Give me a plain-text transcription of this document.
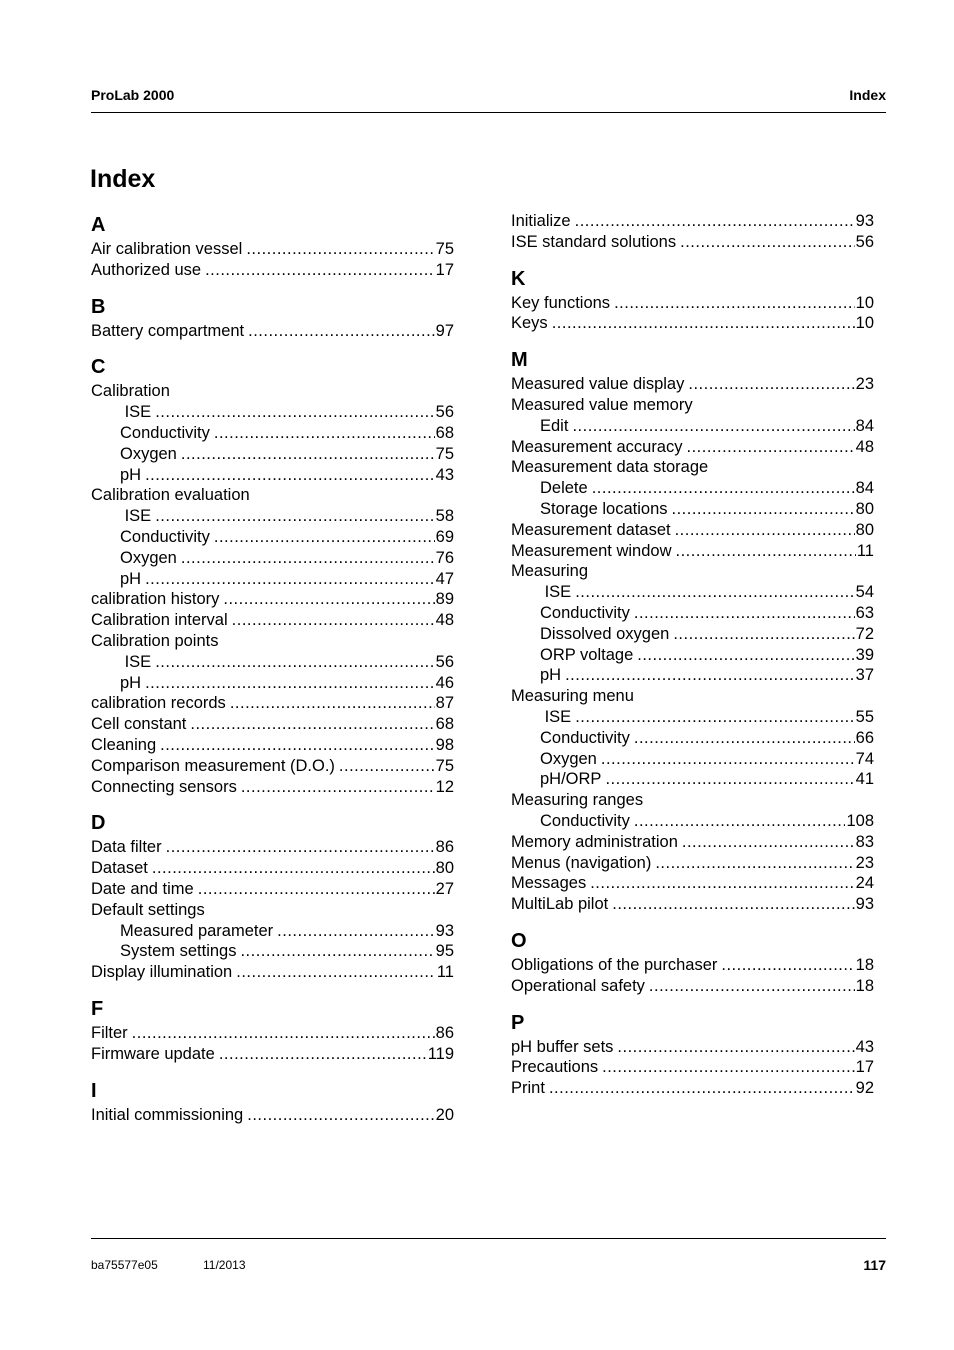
ProLab 2000	Index
Index
A
Air calibration vessel .....	75
Authorized use .....	17
B
Battery compartment .....	97
C
Calibration
ISE .....	56
Conductivity .....	68
Oxygen .....	75
pH .....	43
Calibration evaluation
ISE .....	58
Conductivity .....	69
Oxygen .....	76
pH .....	47
calibration history .....	89
Calibration interval .....	48
Calibration points
ISE .....	56
pH .....	46
calibration records .....	87
Cell constant .....	68
Cleaning .....	98
Comparison measurement (D.O.) .....	75
Connecting sensors .....	12
D
Data filter .....	86
Dataset .....	80
Date and time .....	27
Default settings
Measured parameter .....	93
System settings .....	95
Display illumination .....	11
F
Filter .....	86
Firmware update .....	119
I
Initial commissioning .....	20
Initialize .....	93
ISE standard solutions .....	56
K
Key functions .....	10
Keys .....	10
M
Measured value display .....	23
Measured value memory
Edit .....	84
Measurement accuracy .....	48
Measurement data storage
Delete .....	84
Storage locations .....	80
Measurement dataset .....	80
Measurement window .....	11
Measuring
ISE .....	54
Conductivity .....	63
Dissolved oxygen .....	72
ORP voltage .....	39
pH .....	37
Measuring menu
ISE .....	55
Conductivity .....	66
Oxygen .....	74
pH/ORP .....	41
Measuring ranges
Conductivity .....	108
Memory administration .....	83
Menus (navigation) .....	23
Messages .....	24
MultiLab pilot .....	93
O
Obligations of the purchaser .....	18
Operational safety .....	18
P
pH buffer sets .....	43
Precautions .....	17
Print .....	92
ba75577e05	11/2013	117
